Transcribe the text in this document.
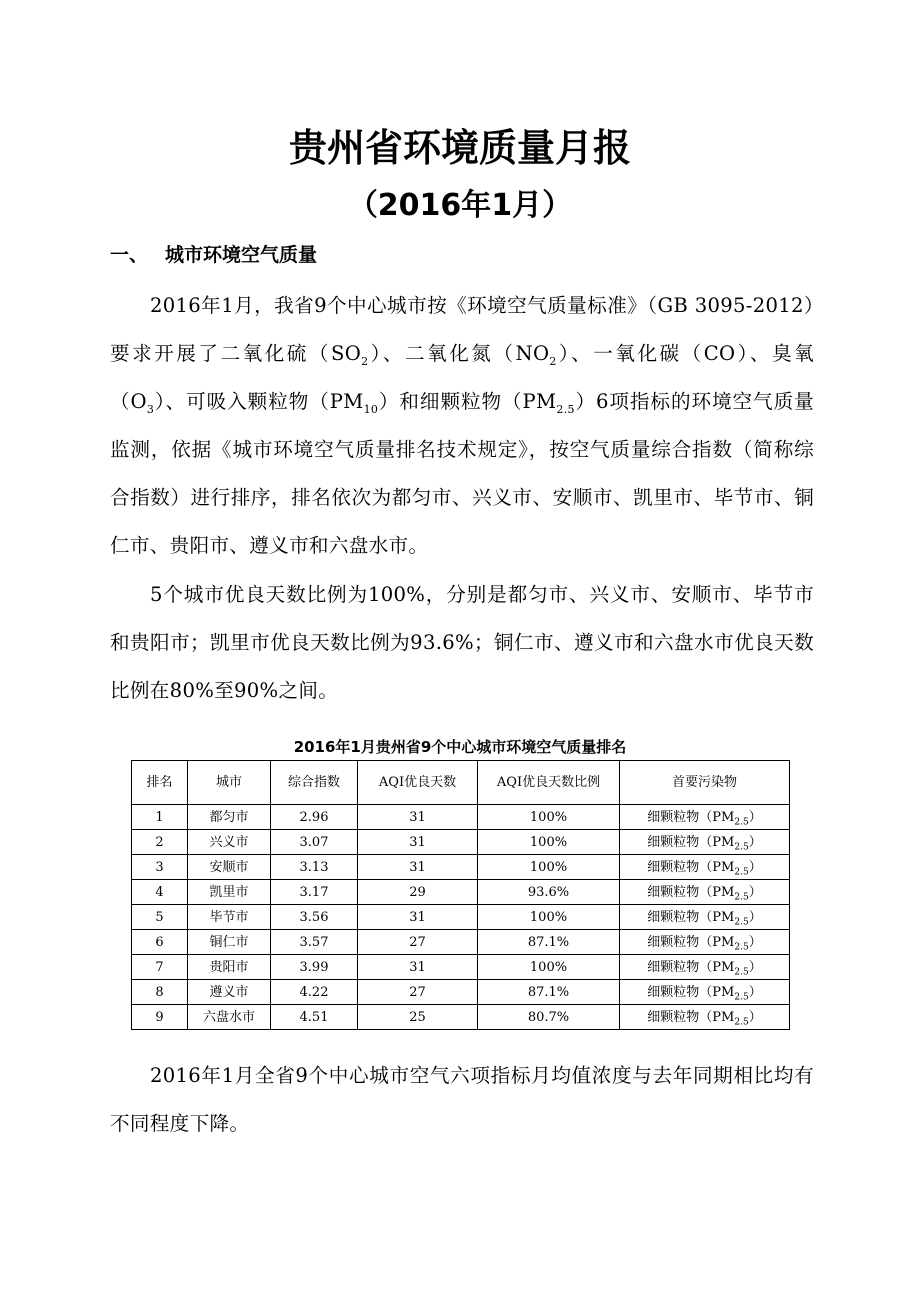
贵州省环境质量月报
（2016年1月）
一、 城市环境空气质量

2016年1月，我省9个中心城市按《环境空气质量标准》（GB 3095-2012）要求开展了二氧化硫$(SO_2)$、二氧化氮$(NO_2)$、一氧化碳（CO）、臭氧$(O_3)$、可吸入颗粒物$(PM_{10})$和细颗粒物$(PM_{2.5})6$项指标的环境空气质量监测，依据《城市环境空气质量排名技术规定》，按空气质量综合指数（简称综合指数）进行排序，排名依次为都匀市、兴义市、安顺市、凯里市、毕节市、铜仁市、贵阳市、遵义市和六盘水市。

5个城市优良天数比例为100%，分别是都匀市、兴义市、安顺市、毕节市和贵阳市；凯里市优良天数比例为93.6%；铜仁市、遵义市和六盘水市优良天数比例在80%至90%之间。

2016年1月贵州省9个中心城市环境空气质量排名
排名	城市	综合指数	AQI优良天数	AQI优良天数比例	首要污染物
1	都匀市	2.96	31	100%	细颗粒物$(PM_{2.5})$
2	兴义市	3.07	31	100%	细颗粒物$(PM_{2.5})$
3	安顺市	3.13	31	100%	细颗粒物$(PM_{2.5})$
4	凯里市	3.17	29	93.6%	细颗粒物$(PM_{2.5})$
5	毕节市	3.56	31	100%	细颗粒物$(PM_{2.5})$
6	铜仁市	3.57	27	87.1%	细颗粒物$(PM_{2.5})$
7	贵阳市	3.99	31	100%	细颗粒物$(PM_{2.5})$
8	遵义市	4.22	27	87.1%	细颗粒物$(PM_{2.5})$
9	六盘水市	4.51	25	80.7%	细颗粒物$(PM_{2.5})$

2016年1月全省9个中心城市空气六项指标月均值浓度与去年同期相比均有不同程度下降。
